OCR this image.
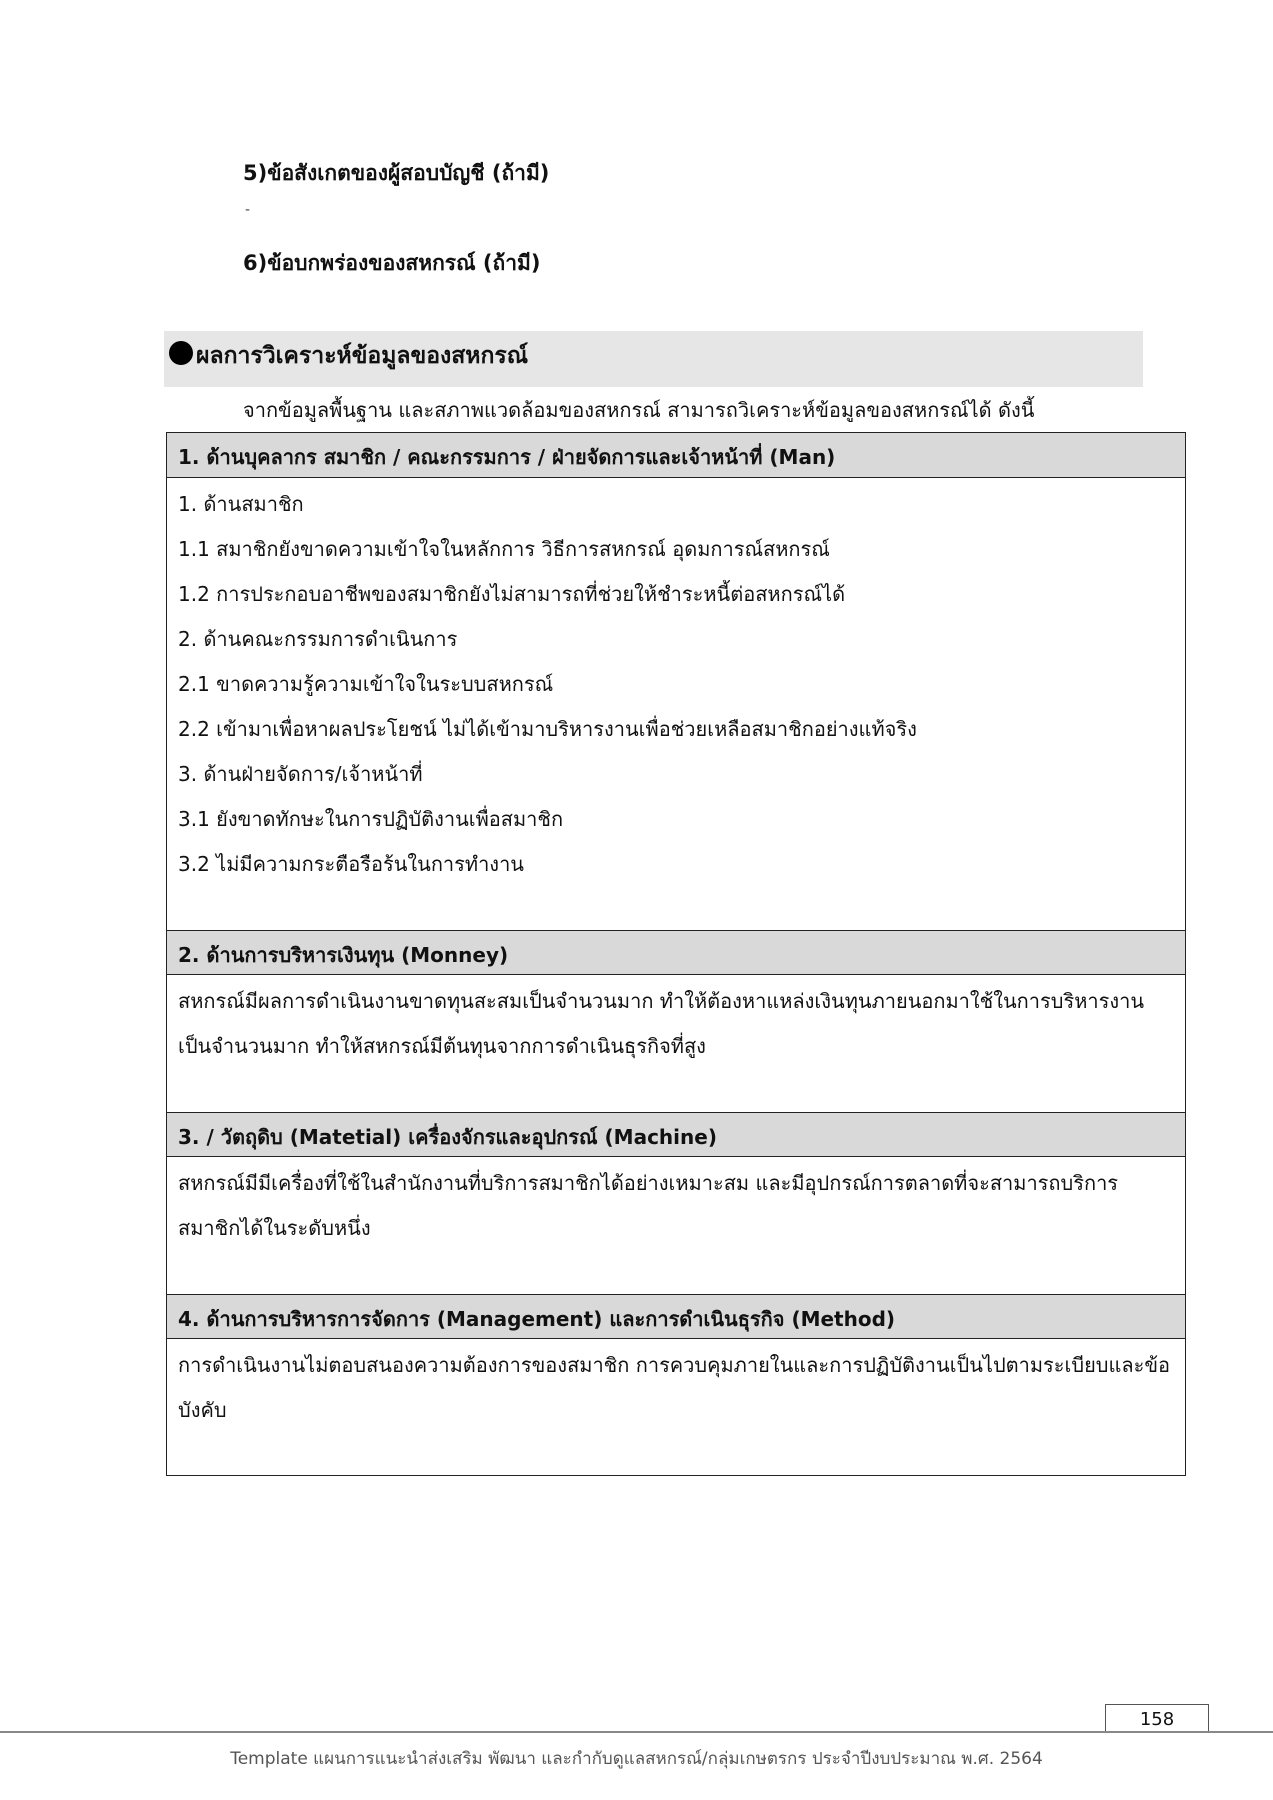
5)ข้อสังเกตของผู้สอบบัญชี (ถ้ามี)
-
6)ข้อบกพร่องของสหกรณ์ (ถ้ามี)
ผลการวิเคราะห์ข้อมูลของสหกรณ์
จากข้อมูลพื้นฐาน และสภาพแวดล้อมของสหกรณ์ สามารถวิเคราะห์ข้อมูลของสหกรณ์ได้ ดังนี้
1. ด้านบุคลากร สมาชิก / คณะกรรมการ / ฝ่ายจัดการและเจ้าหน้าที่ (Man)
1. ด้านสมาชิก
1.1 สมาชิกยังขาดความเข้าใจในหลักการ วิธีการสหกรณ์ อุดมการณ์สหกรณ์
1.2 การประกอบอาชีพของสมาชิกยังไม่สามารถที่ช่วยให้ชำระหนี้ต่อสหกรณ์ได้
2. ด้านคณะกรรมการดำเนินการ
2.1 ขาดความรู้ความเข้าใจในระบบสหกรณ์
2.2 เข้ามาเพื่อหาผลประโยชน์ ไม่ได้เข้ามาบริหารงานเพื่อช่วยเหลือสมาชิกอย่างแท้จริง
3. ด้านฝ่ายจัดการ/เจ้าหน้าที่
3.1 ยังขาดทักษะในการปฏิบัติงานเพื่อสมาชิก
3.2 ไม่มีความกระตือรือร้นในการทำงาน
2. ด้านการบริหารเงินทุน (Monney)

สหกรณ์มีผลการดำเนินงานขาดทุนสะสมเป็นจำนวนมาก ทำให้ต้องหาแหล่งเงินทุนภายนอกมาใช้ในการบริหารงานเป็นจำนวนมาก ทำให้สหกรณ์มีต้นทุนจากการดำเนินธุรกิจที่สูง

3. / วัตถุดิบ (Matetial) เครื่องจักรและอุปกรณ์ (Machine)

สหกรณ์มีมีเครื่องที่ใช้ในสำนักงานที่บริการสมาชิกได้อย่างเหมาะสม และมีอุปกรณ์การตลาดที่จะสามารถบริการสมาชิกได้ในระดับหนึ่ง

4. ด้านการบริหารการจัดการ (Management) และการดำเนินธุรกิจ (Method)

การดำเนินงานไม่ตอบสนองความต้องการของสมาชิก การควบคุมภายในและการปฏิบัติงานเป็นไปตามระเบียบและข้อบังคับ

158
Template แผนการแนะนำส่งเสริม พัฒนา และกำกับดูแลสหกรณ์/กลุ่มเกษตรกร ประจำปีงบประมาณ พ.ศ. 2564
